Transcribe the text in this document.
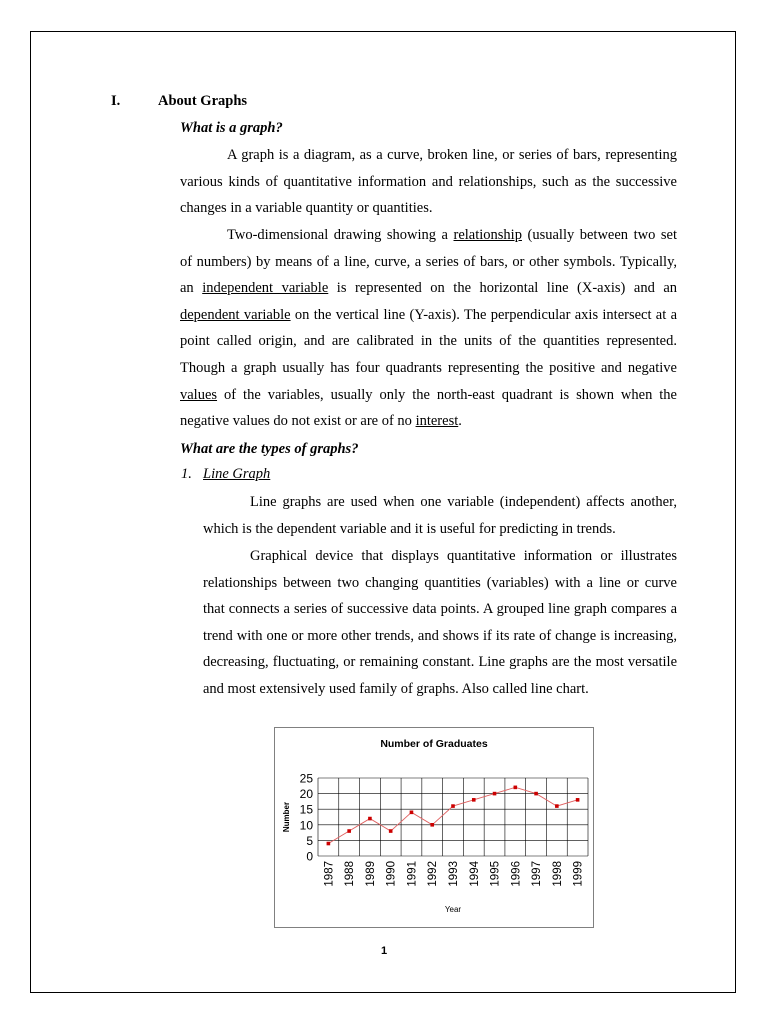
I.	About Graphs
What is a graph?

A graph is a diagram, as a curve, broken line, or series of bars, representing various kinds of quantitative information and relationships, such as the successive changes in a variable quantity or quantities.

Two-dimensional drawing showing a relationship (usually between two set of numbers) by means of a line, curve, a series of bars, or other symbols. Typically, an independent variable is represented on the horizontal line (X-axis) and an dependent variable on the vertical line (Y-axis). The perpendicular axis intersect at a point called origin, and are calibrated in the units of the quantities represented. Though a graph usually has four quadrants representing the positive and negative values of the variables, usually only the north-east quadrant is shown when the negative values do not exist or are of no interest.

What are the types of graphs?
1. Line Graph

Line graphs are used when one variable (independent) affects another, which is the dependent variable and it is useful for predicting in trends.

Graphical device that displays quantitative information or illustrates relationships between two changing quantities (variables) with a line or curve that connects a series of successive data points. A grouped line graph compares a trend with one or more other trends, and shows if its rate of change is increasing, decreasing, fluctuating, or remaining constant. Line graphs are the most versatile and most extensively used family of graphs. Also called line chart.

Number of Graduates
0
5
10
15
20
25
1987 1988 1989 1990 1991 1992 1993 1994 1995 1996 1997 1998 1999
Number
Year
1
